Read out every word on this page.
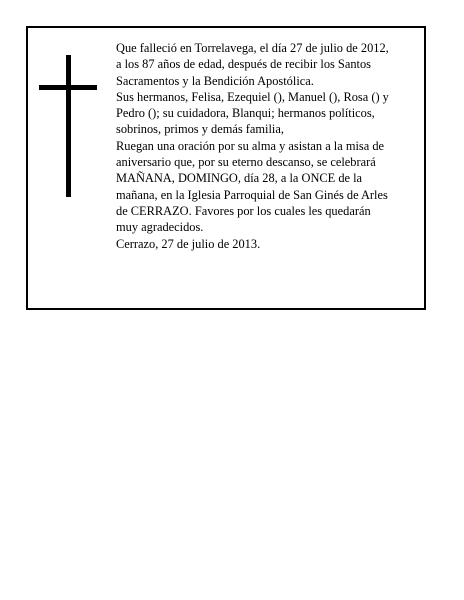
Que falleció en Torrelavega, el día 27 de julio de 2012,

a los 87 años de edad, después de recibir los Santos

Sacramentos y la Bendición Apostólica.

Sus hermanos, Felisa, Ezequiel (), Manuel (), Rosa () y

Pedro (); su cuidadora, Blanqui; hermanos políticos,

sobrinos, primos y demás familia,

Ruegan una oración por su alma y asistan a la misa de

aniversario que, por su eterno descanso, se celebrará

MAÑANA, DOMINGO, día 28, a la ONCE de la

mañana, en la Iglesia Parroquial de San Ginés de Arles

de CERRAZO. Favores por los cuales les quedarán

muy agradecidos.

Cerrazo, 27 de julio de 2013.
